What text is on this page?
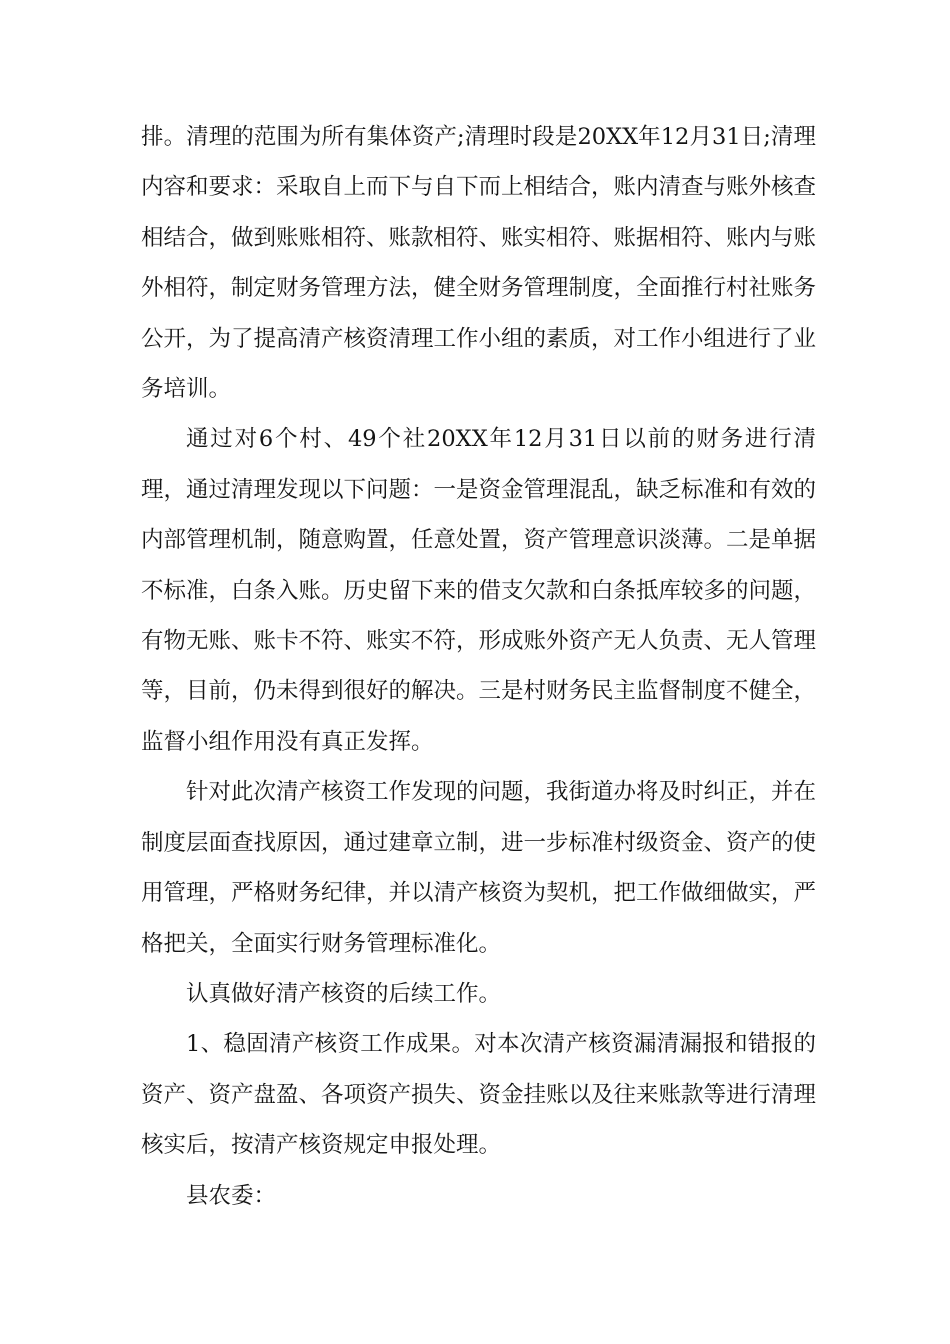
排。清理的范围为所有集体资产;清理时段是20XX年12月31日;清理内容和要求：采取自上而下与自下而上相结合，账内清查与账外核查相结合，做到账账相符、账款相符、账实相符、账据相符、账内与账外相符，制定财务管理方法，健全财务管理制度，全面推行村社账务公开，为了提高清产核资清理工作小组的素质，对工作小组进行了业务培训。

通过对6个村、49个社20XX年12月31日以前的财务进行清理，通过清理发现以下问题：一是资金管理混乱，缺乏标准和有效的内部管理机制，随意购置，任意处置，资产管理意识淡薄。二是单据不标准，白条入账。历史留下来的借支欠款和白条抵库较多的问题，有物无账、账卡不符、账实不符，形成账外资产无人负责、无人管理等，目前，仍未得到很好的解决。三是村财务民主监督制度不健全，监督小组作用没有真正发挥。

针对此次清产核资工作发现的问题，我街道办将及时纠正，并在制度层面查找原因，通过建章立制，进一步标准村级资金、资产的使用管理，严格财务纪律，并以清产核资为契机，把工作做细做实，严格把关，全面实行财务管理标准化。

认真做好清产核资的后续工作。

1、稳固清产核资工作成果。对本次清产核资漏清漏报和错报的资产、资产盘盈、各项资产损失、资金挂账以及往来账款等进行清理核实后，按清产核资规定申报处理。

县农委：
